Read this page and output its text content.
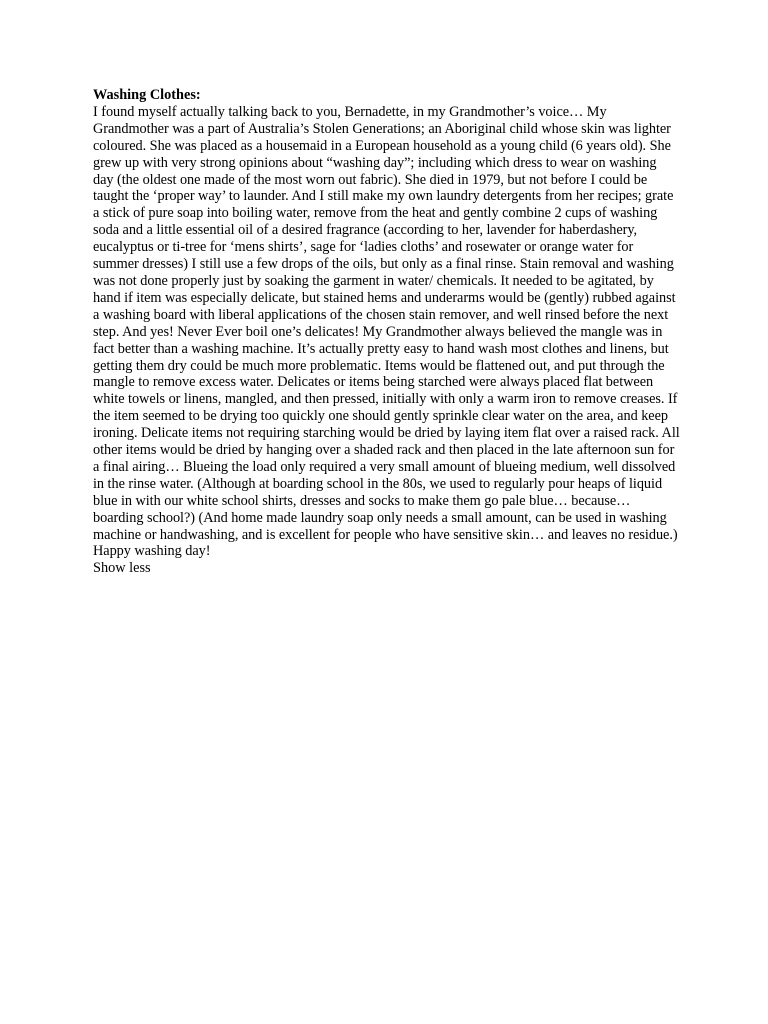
Washing Clothes:

I found myself actually talking back to you, Bernadette, in my Grandmother’s voice… My Grandmother was a part of Australia’s Stolen Generations; an Aboriginal child whose skin was lighter coloured. She was placed as a housemaid in a European household as a young child (6 years old). She grew up with very strong opinions about “washing day”; including which dress to wear on washing day (the oldest one made of the most worn out fabric). She died in 1979, but not before I could be taught the ‘proper way’ to launder. And I still make my own laundry detergents from her recipes; grate a stick of pure soap into boiling water, remove from the heat and gently combine 2 cups of washing soda and a little essential oil of a desired fragrance (according to her, lavender for haberdashery, eucalyptus or ti-tree for ‘mens shirts’, sage for ‘ladies cloths’ and rosewater or orange water for summer dresses) I still use a few drops of the oils, but only as a final rinse. Stain removal and washing was not done properly just by soaking the garment in water/ chemicals. It needed to be agitated, by hand if item was especially delicate, but stained hems and underarms would be (gently) rubbed against a washing board with liberal applications of the chosen stain remover, and well rinsed before the next step. And yes! Never Ever boil one’s delicates! My Grandmother always believed the mangle was in fact better than a washing machine. It’s actually pretty easy to hand wash most clothes and linens, but getting them dry could be much more problematic. Items would be flattened out, and put through the mangle to remove excess water. Delicates or items being starched were always placed flat between white towels or linens, mangled, and then pressed, initially with only a warm iron to remove creases. If the item seemed to be drying too quickly one should gently sprinkle clear water on the area, and keep ironing. Delicate items not requiring starching would be dried by laying item flat over a raised rack. All other items would be dried by hanging over a shaded rack and then placed in the late afternoon sun for a final airing… Blueing the load only required a very small amount of blueing medium, well dissolved in the rinse water. (Although at boarding school in the 80s, we used to regularly pour heaps of liquid blue in with our white school shirts, dresses and socks to make them go pale blue… because… boarding school?) (And home made laundry soap only needs a small amount, can be used in washing machine or handwashing, and is excellent for people who have sensitive skin… and leaves no residue.) Happy washing day!

Show less
